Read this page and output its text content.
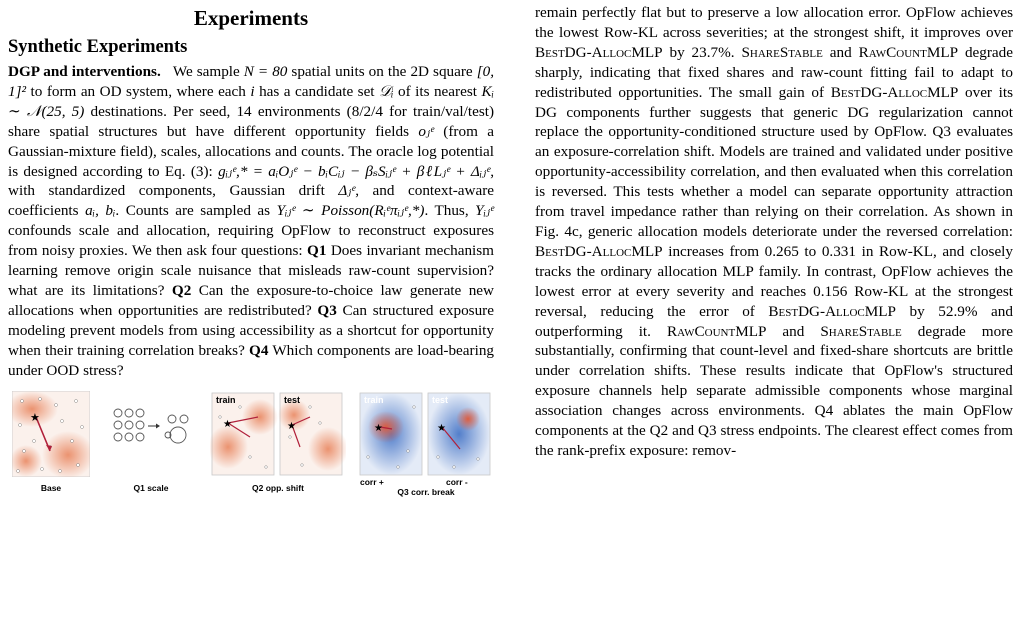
Experiments
Synthetic Experiments

DGP and interventions. We sample N = 80 spatial units on the 2D square [0, 1]² to form an OD system, where each i has a candidate set 𝒟ᵢ of its nearest Kᵢ ∼ 𝒩(25, 5) destinations. Per seed, 14 environments (8/2/4 for train/val/test) share spatial structures but have different opportunity fields oⱼᵉ (from a Gaussian-mixture field), scales, allocations and counts. The oracle log potential is designed according to Eq. (3): gᵢⱼᵉ,* = aᵢOⱼᵉ − bᵢCᵢⱼ − βₛSᵢⱼᵉ + βℓLⱼᵉ + Δᵢⱼᵉ, with standardized components, Gaussian drift Δⱼᵉ, and context-aware coefficients aᵢ, bᵢ. Counts are sampled as Yᵢⱼᵉ ∼ Poisson(Rᵢᵉπᵢⱼᵉ,*). Thus, Yᵢⱼᵉ confounds scale and allocation, requiring OpFlow to reconstruct exposures from noisy proxies. We then ask four questions: Q1 Does invariant mechanism learning remove origin scale nuisance that misleads raw-count supervision? what are its limitations? Q2 Can the exposure-to-choice law generate new allocations when opportunities are redistributed? Q3 Can structured exposure modeling prevent models from using accessibility as a shortcut for opportunity when their training correlation breaks? Q4 Which components are load-bearing under OOD stress?

★
Base	Q1 scale
★	★
train	test
Q2 opp. shift
★	★
train	test
corr +	corr -
Q3 corr. break

remain perfectly flat but to preserve a low allocation error. OpFlow achieves the lowest Row-KL across severities; at the strongest shift, it improves over BestDG-AllocMLP by 23.7%. ShareStable and RawCountMLP degrade sharply, indicating that fixed shares and raw-count fitting fail to adapt to redistributed opportunities. The small gain of BestDG-AllocMLP over its DG components further suggests that generic DG regularization cannot replace the opportunity-conditioned structure used by OpFlow. Q3 evaluates an exposure-correlation shift. Models are trained and validated under positive opportunity-accessibility correlation, and then evaluated when this correlation is reversed. This tests whether a model can separate opportunity attraction from travel impedance rather than relying on their correlation. As shown in Fig. 4c, generic allocation models deteriorate under the reversed correlation: BestDG-AllocMLP increases from 0.265 to 0.331 in Row-KL, and closely tracks the ordinary allocation MLP family. In contrast, OpFlow achieves the lowest error at every severity and reaches 0.156 Row-KL at the strongest reversal, reducing the error of BestDG-AllocMLP by 52.9% and outperforming it. RawCountMLP and ShareStable degrade more substantially, confirming that count-level and fixed-share shortcuts are brittle under correlation shifts. These results indicate that OpFlow's structured exposure channels help separate admissible components whose marginal association changes across environments. Q4 ablates the main OpFlow components at the Q2 and Q3 stress endpoints. The clearest effect comes from the rank-prefix exposure: remov-
